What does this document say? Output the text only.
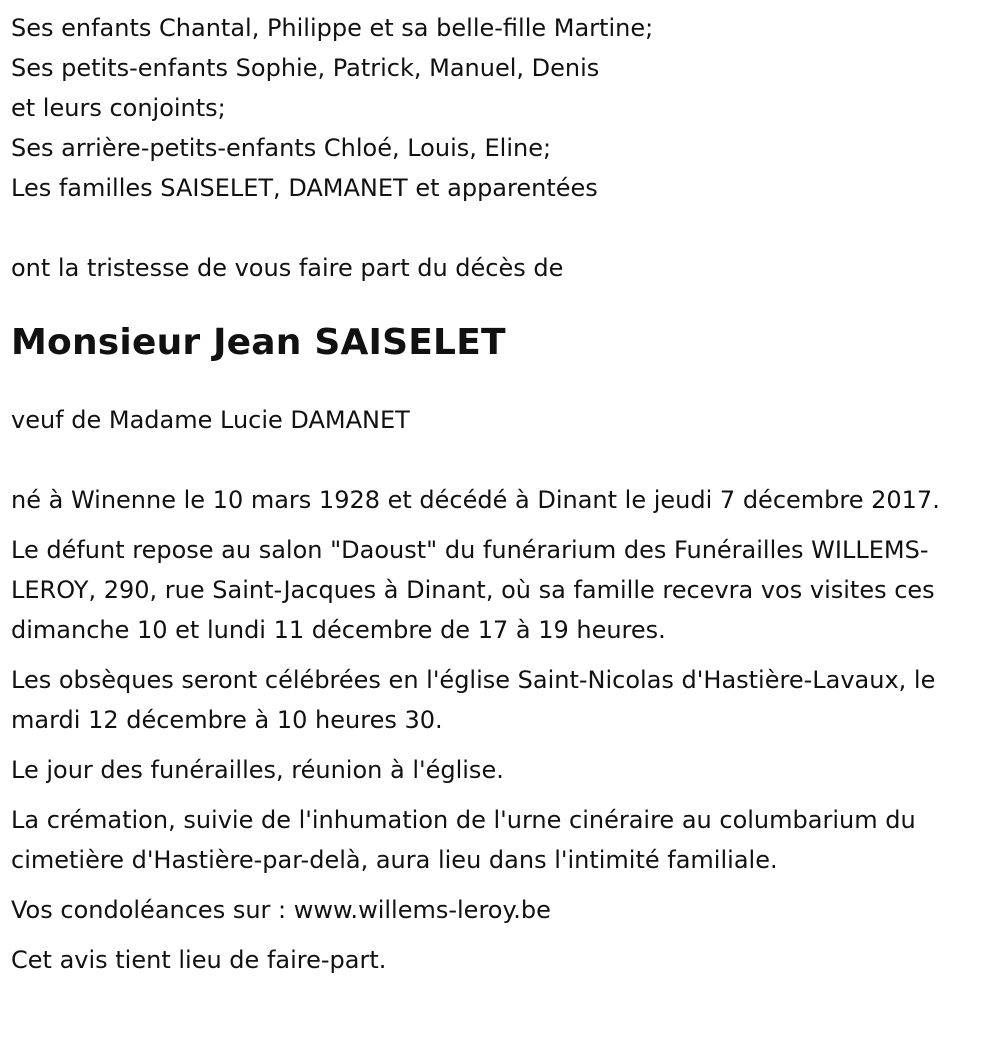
Ses enfants Chantal, Philippe et sa belle-fille Martine;

Ses petits-enfants Sophie, Patrick, Manuel, Denis

et leurs conjoints;

Ses arrière-petits-enfants Chloé, Louis, Eline;

Les familles SAISELET, DAMANET et apparentées

ont la tristesse de vous faire part du décès de

Monsieur Jean SAISELET

veuf de Madame Lucie DAMANET

né à Winenne le 10 mars 1928 et décédé à Dinant le jeudi 7 décembre 2017.

Le défunt repose au salon "Daoust" du funérarium des Funérailles WILLEMS-LEROY, 290, rue Saint-Jacques à Dinant, où sa famille recevra vos visites ces dimanche 10 et lundi 11 décembre de 17 à 19 heures.

Les obsèques seront célébrées en l'église Saint-Nicolas d'Hastière-Lavaux, le mardi 12 décembre à 10 heures 30.

Le jour des funérailles, réunion à l'église.

La crémation, suivie de l'inhumation de l'urne cinéraire au columbarium du cimetière d'Hastière-par-delà, aura lieu dans l'intimité familiale.

Vos condoléances sur : www.willems-leroy.be

Cet avis tient lieu de faire-part.
